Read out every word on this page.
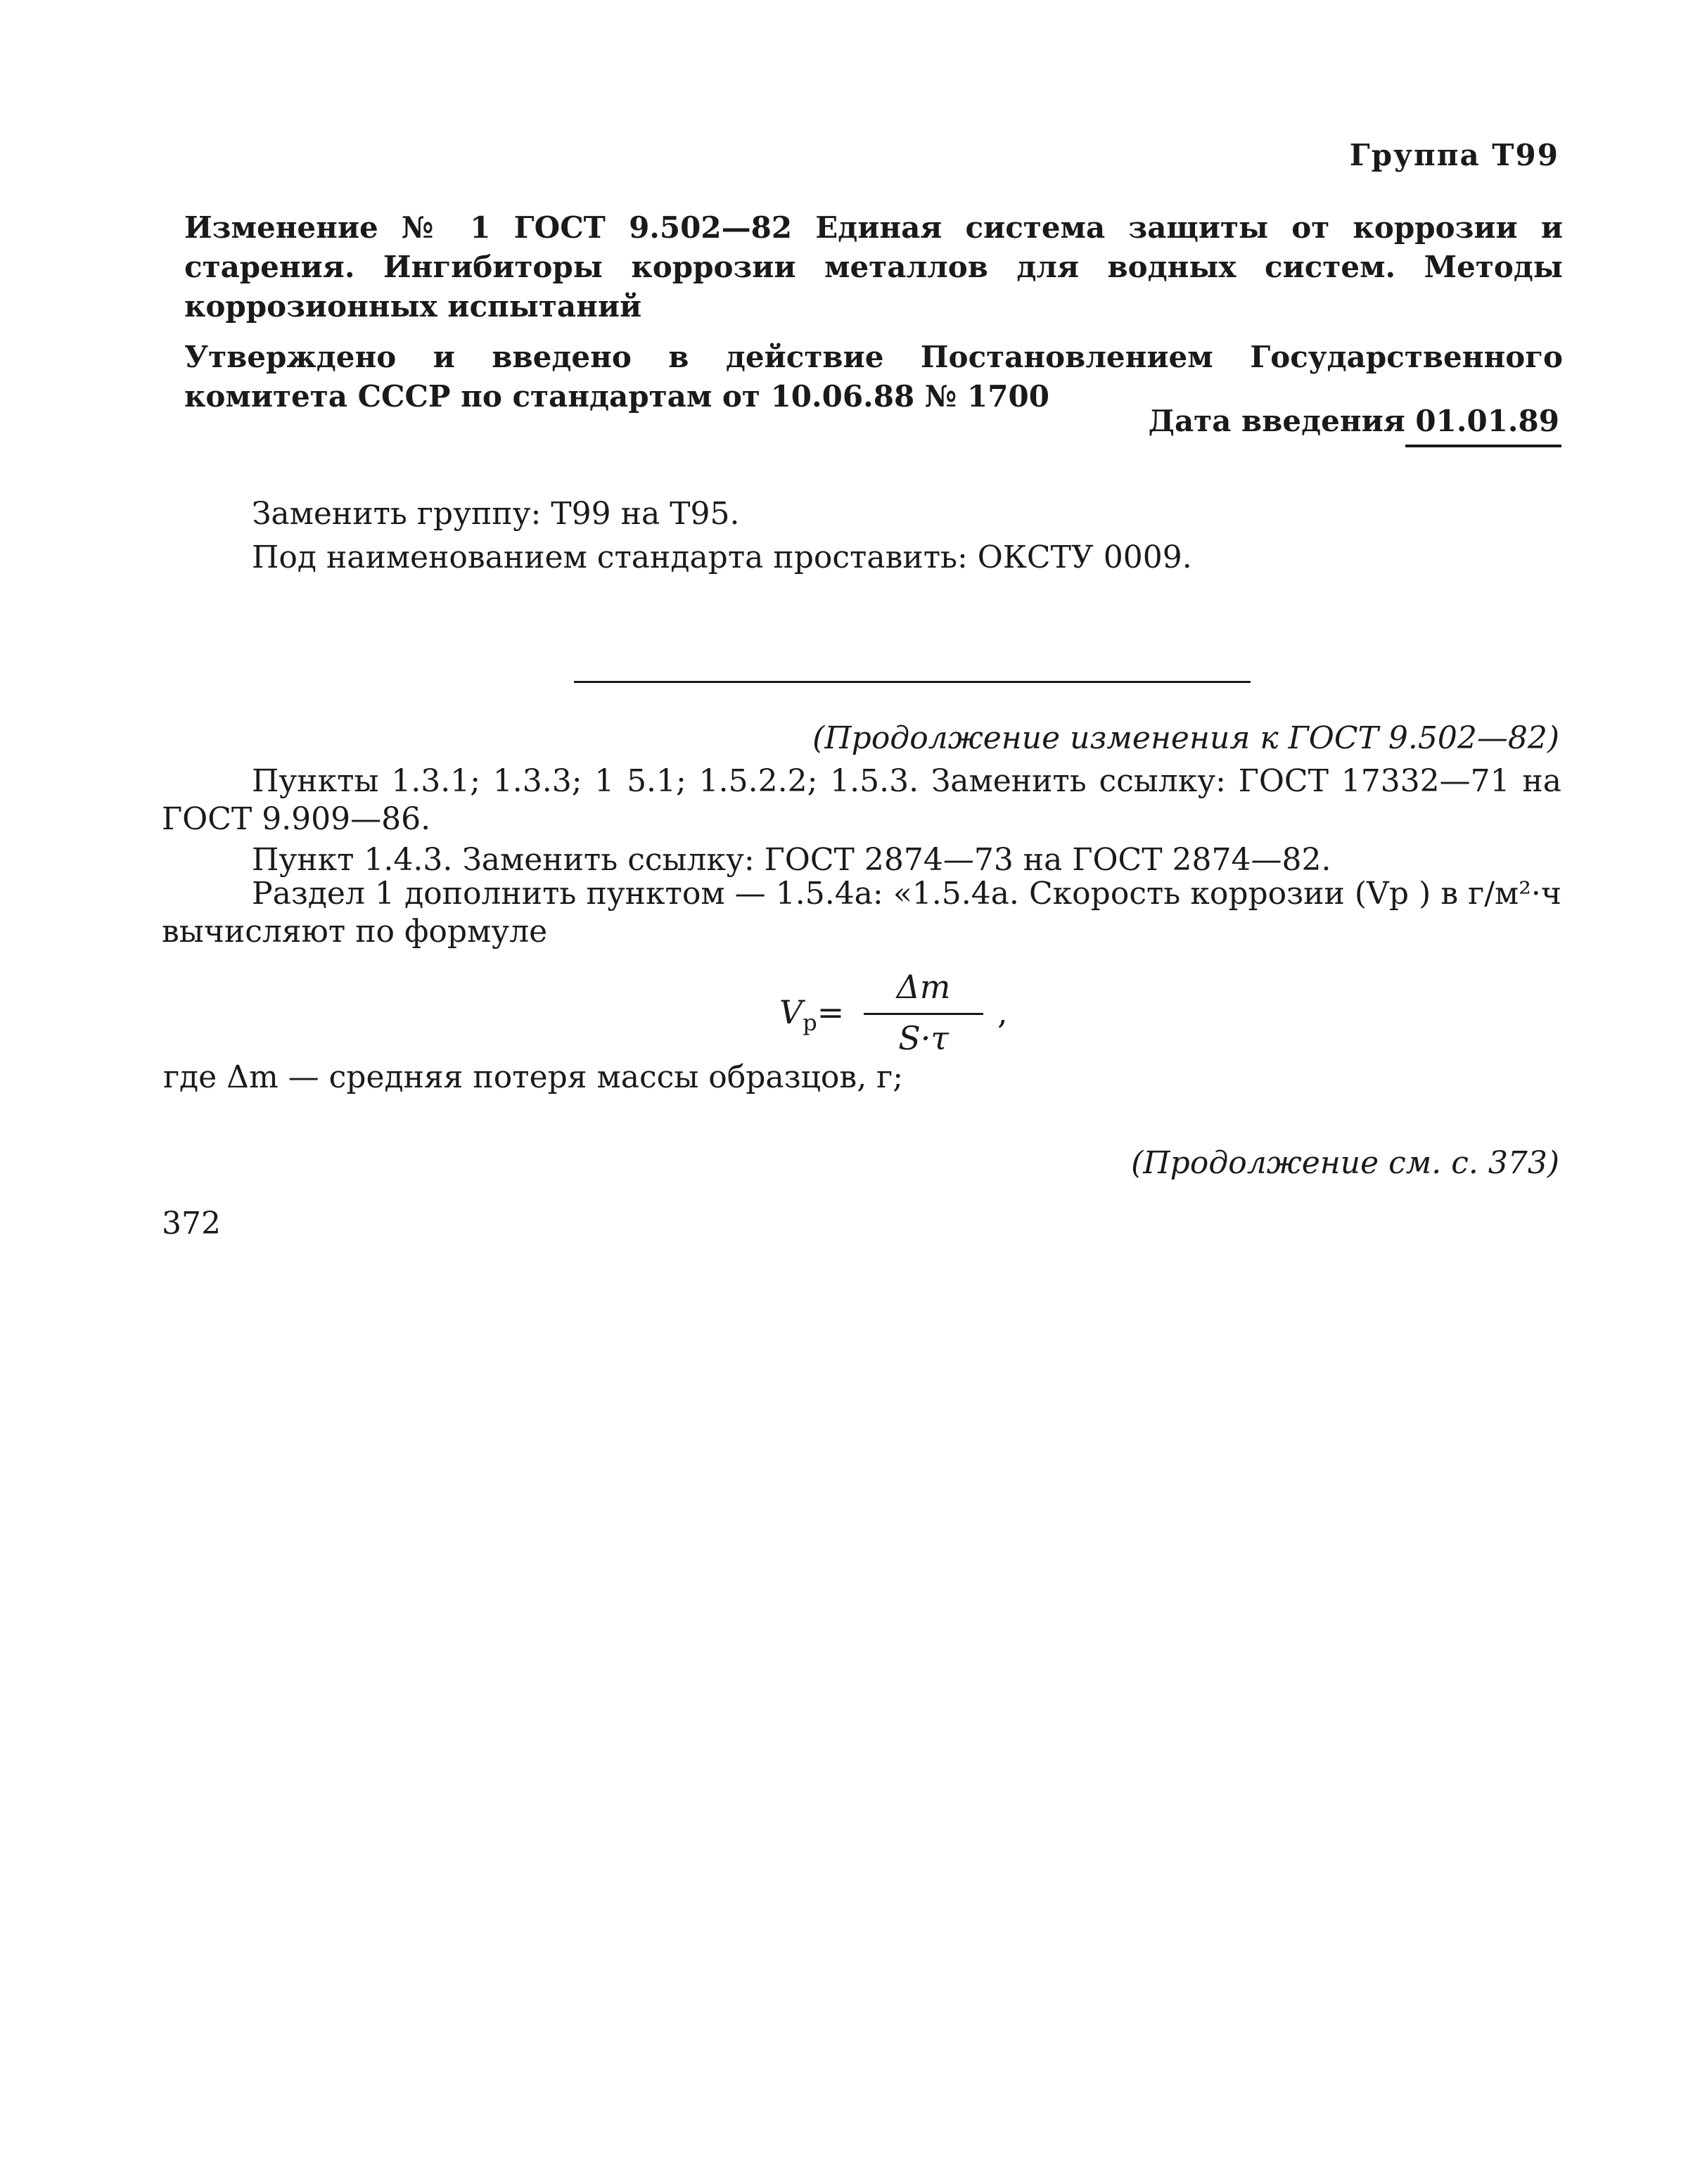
Группа Т99
Изменение № 1 ГОСТ 9.502—82 Единая система защиты от коррозии и старения. Ингибиторы коррозии металлов для водных систем. Методы коррозионных испытаний
Утверждено и введено в действие Постановлением Государственного комитета СССР по стандартам от 10.06.88 № 1700
Дата введения 01.01.89
Заменить группу: Т99 на Т95.
Под наименованием стандарта проставить: ОКСТУ 0009.
(Продолжение изменения к ГОСТ 9.502—82)
Пункты 1.3.1; 1.3.3; 1 5.1; 1.5.2.2; 1.5.3. Заменить ссылку: ГОСТ 17332—71 на ГОСТ 9.909—86.
Пункт 1.4.3. Заменить ссылку: ГОСТ 2874—73 на ГОСТ 2874—82.
Раздел 1 дополнить пунктом — 1.5.4а: «1.5.4а. Скорость коррозии (Vр ) в г/м²·ч вычисляют по формуле
$V_р=$
Δm
S·τ
,
где Δm — средняя потеря массы образцов, г;
(Продолжение см. с. 373)
372
